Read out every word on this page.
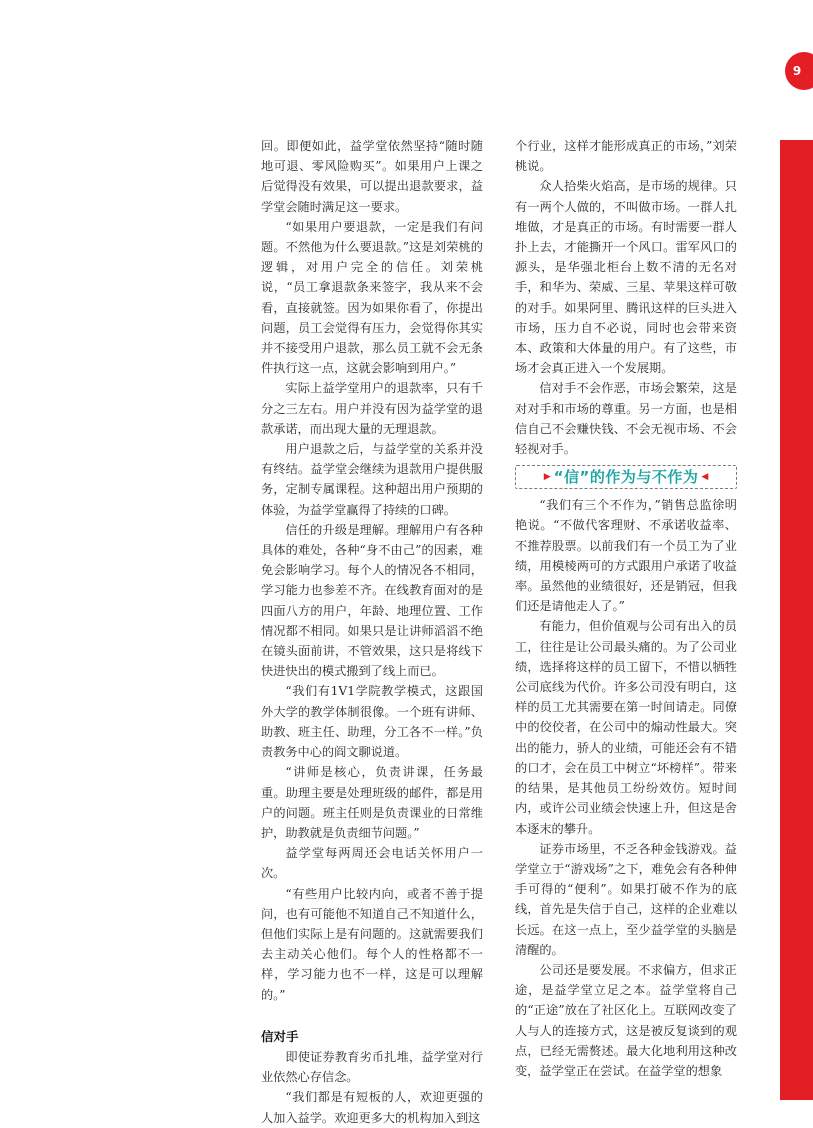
9

回。即便如此，益学堂依然坚持“随时随地可退、零风险购买”。如果用户上课之后觉得没有效果，可以提出退款要求，益学堂会随时满足这一要求。

“如果用户要退款，一定是我们有问题。不然他为什么要退款。”这是刘荣桃的逻辑，对用户完全的信任。刘荣桃说，“员工拿退款条来签字，我从来不会看，直接就签。因为如果你看了，你提出问题，员工会觉得有压力，会觉得你其实并不接受用户退款，那么员工就不会无条件执行这一点，这就会影响到用户。”

实际上益学堂用户的退款率，只有千分之三左右。用户并没有因为益学堂的退款承诺，而出现大量的无理退款。

用户退款之后，与益学堂的关系并没有终结。益学堂会继续为退款用户提供服务，定制专属课程。这种超出用户预期的体验，为益学堂赢得了持续的口碑。

信任的升级是理解。理解用户有各种具体的难处，各种“身不由己”的因素，难免会影响学习。每个人的情况各不相同，学习能力也参差不齐。在线教育面对的是四面八方的用户，年龄、地理位置、工作情况都不相同。如果只是让讲师滔滔不绝在镜头面前讲，不管效果，这只是将线下快进快出的模式搬到了线上而已。

“我们有1V1学院教学模式，这跟国外大学的教学体制很像。一个班有讲师、助教、班主任、助理，分工各不一样。”负责教务中心的阎文聊说道。

“讲师是核心，负责讲课，任务最重。助理主要是处理班级的邮件，都是用户的问题。班主任则是负责课业的日常维护，助教就是负责细节问题。”

益学堂每两周还会电话关怀用户一次。

“有些用户比较内向，或者不善于提问，也有可能他不知道自己不知道什么，但他们实际上是有问题的。这就需要我们去主动关心他们。每个人的性格都不一样，学习能力也不一样，这是可以理解的。”

信对手

即使证券教育劣币扎堆，益学堂对行业依然心存信念。

“我们都是有短板的人，欢迎更强的人加入益学。欢迎更多大的机构加入到这

个行业，这样才能形成真正的市场，”刘荣桃说。

众人拾柴火焰高，是市场的规律。只有一两个人做的，不叫做市场。一群人扎堆做，才是真正的市场。有时需要一群人扑上去，才能撕开一个风口。雷军风口的源头，是华强北柜台上数不清的无名对手，和华为、荣威、三星、苹果这样可敬的对手。如果阿里、腾讯这样的巨头进入市场，压力自不必说，同时也会带来资本、政策和大体量的用户。有了这些，市场才会真正进入一个发展期。

信对手不会作恶，市场会繁荣，这是对对手和市场的尊重。另一方面，也是相信自己不会赚快钱、不会无视市场、不会轻视对手。

▶ “信”的作为与不作为 ◀

“我们有三个不作为，”销售总监徐明艳说。“不做代客理财、不承诺收益率、不推荐股票。以前我们有一个员工为了业绩，用模棱两可的方式跟用户承诺了收益率。虽然他的业绩很好，还是销冠，但我们还是请他走人了。”

有能力，但价值观与公司有出入的员工，往往是让公司最头痛的。为了公司业绩，选择将这样的员工留下，不惜以牺牲公司底线为代价。许多公司没有明白，这样的员工尤其需要在第一时间请走。同僚中的佼佼者，在公司中的煽动性最大。突出的能力，骄人的业绩，可能还会有不错的口才，会在员工中树立“坏榜样”。带来的结果，是其他员工纷纷效仿。短时间内，或许公司业绩会快速上升，但这是舍本逐末的攀升。

证券市场里，不乏各种金钱游戏。益学堂立于“游戏场”之下，难免会有各种伸手可得的“便利”。如果打破不作为的底线，首先是失信于自己，这样的企业难以长远。在这一点上，至少益学堂的头脑是清醒的。

公司还是要发展。不求偏方，但求正途，是益学堂立足之本。益学堂将自己的“正途”放在了社区化上。互联网改变了人与人的连接方式，这是被反复谈到的观点，已经无需赘述。最大化地利用这种改变，益学堂正在尝试。在益学堂的想象
